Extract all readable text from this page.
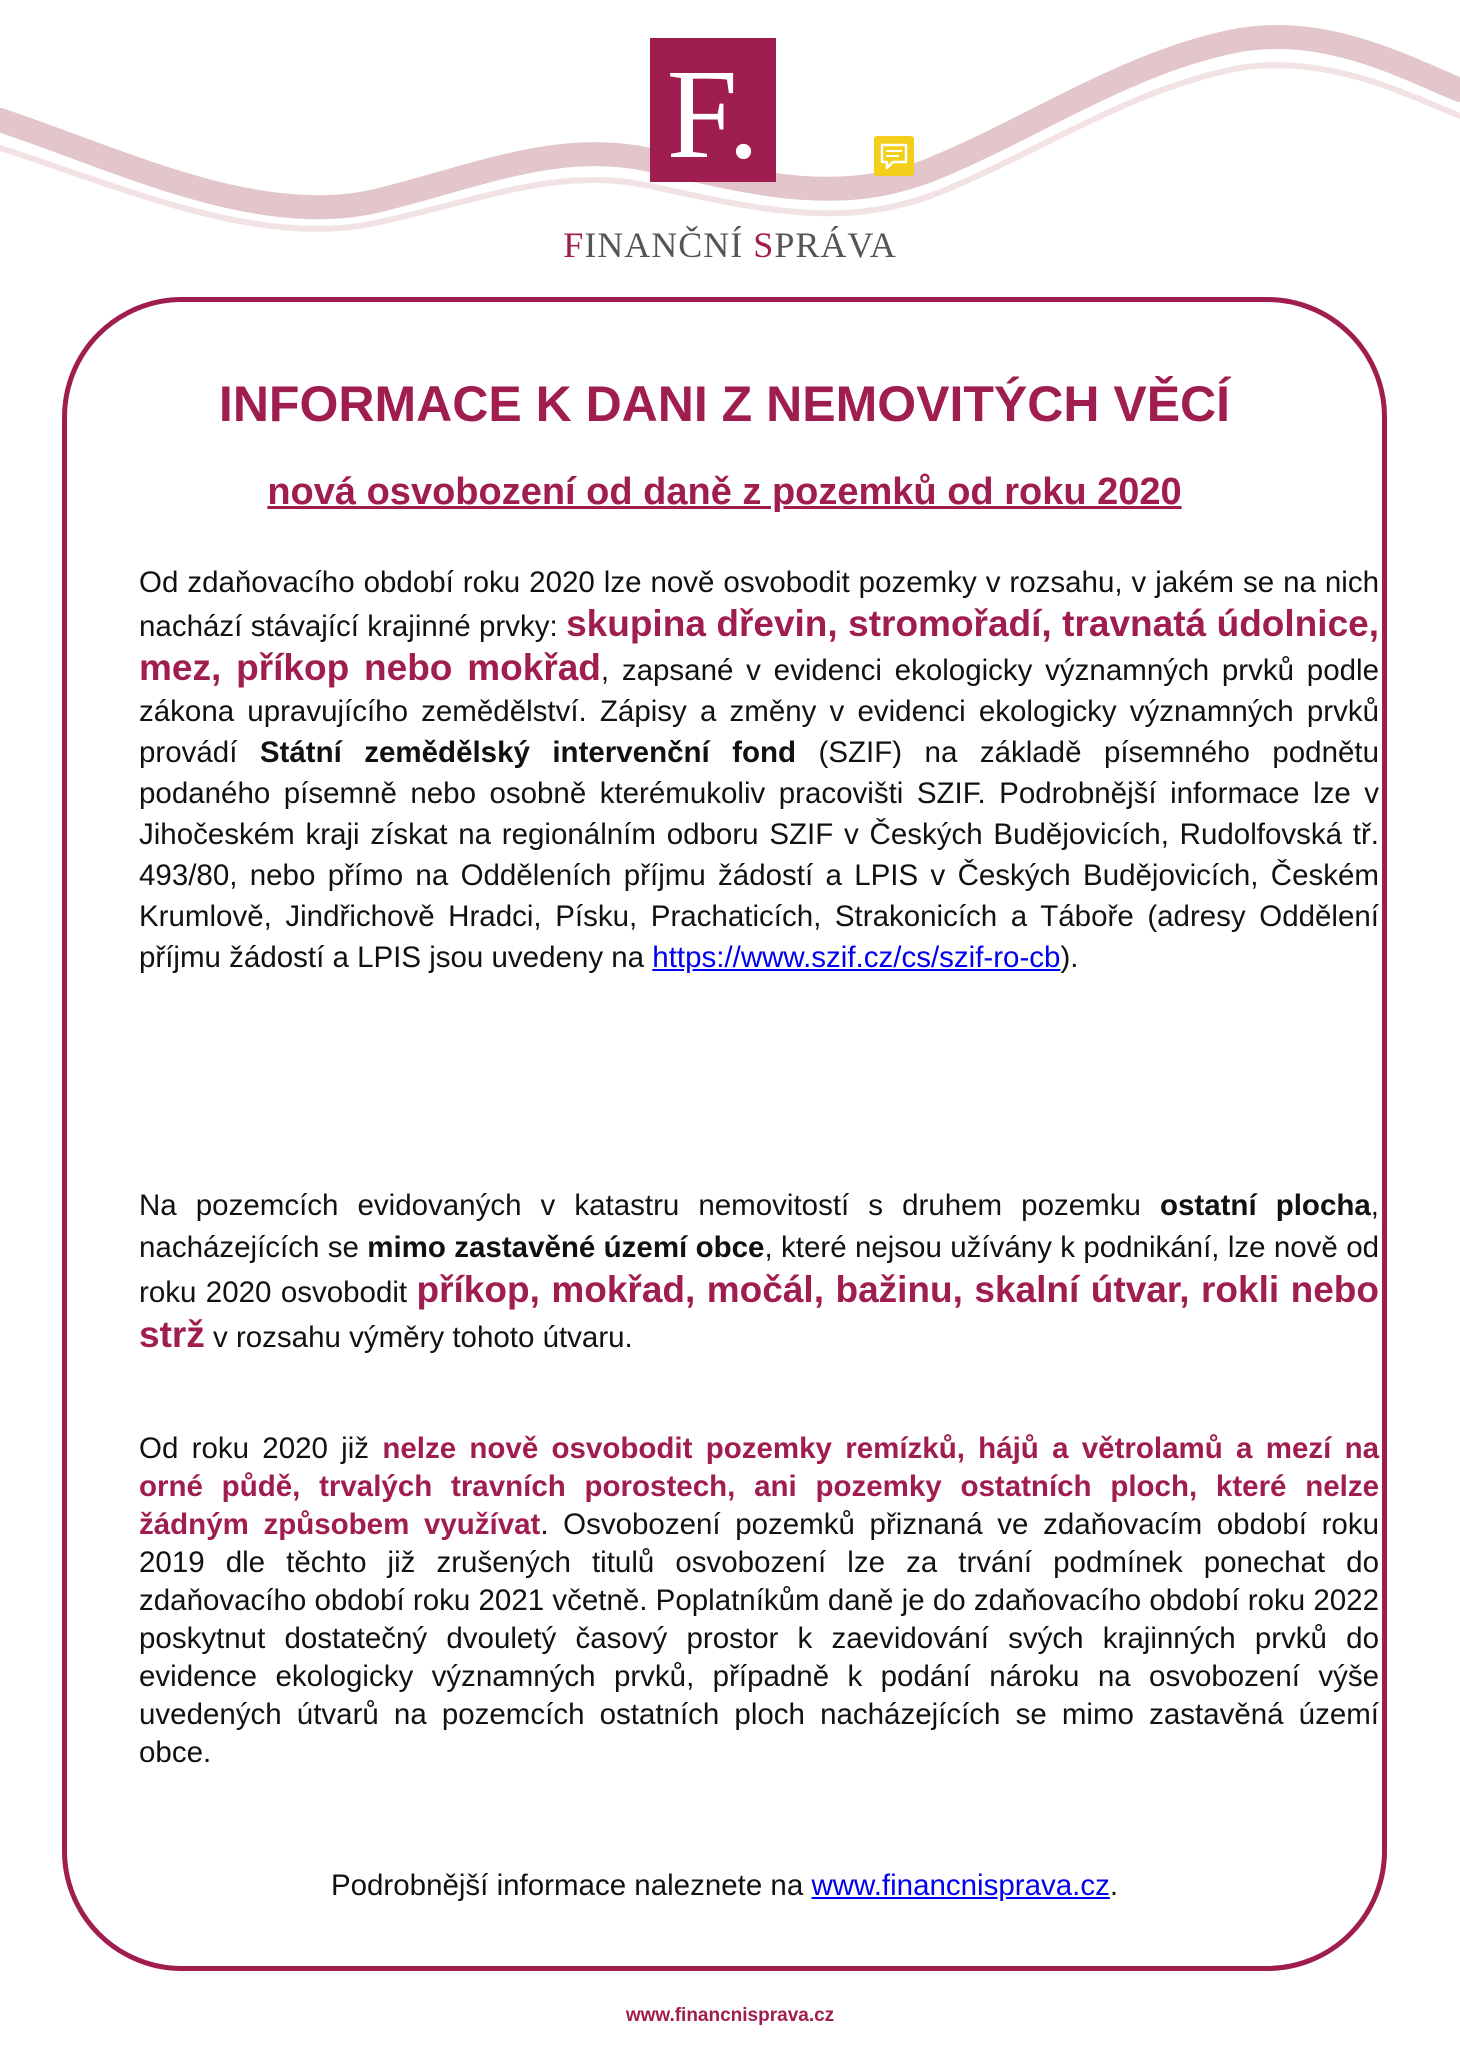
F.
FINANČNÍ SPRÁVA
INFORMACE K DANI Z NEMOVITÝCH VĚCÍ
nová osvobození od daně z pozemků od roku 2020

Od zdaňovacího období roku 2020 lze nově osvobodit pozemky v rozsahu, v jakém se na nich nachází stávající krajinné prvky: skupina dřevin, stromořadí, travnatá údolnice, mez, příkop nebo mokřad, zapsané v evidenci ekologicky významných prvků podle zákona upravujícího zemědělství. Zápisy a změny v evidenci ekologicky významných prvků provádí Státní zemědělský intervenční fond (SZIF) na základě písemného podnětu podaného písemně nebo osobně kterémukoliv pracovišti SZIF. Podrobnější informace lze v Jihočeském kraji získat na regionálním odboru SZIF v Českých Budějovicích, Rudolfovská tř. 493/80, nebo přímo na Odděleních příjmu žádostí a LPIS v Českých Budějovicích, Českém Krumlově, Jindřichově Hradci, Písku, Prachaticích, Strakonicích a Táboře (adresy Oddělení příjmu žádostí a LPIS jsou uvedeny na https://www.szif.cz/cs/szif-ro-cb).

Na pozemcích evidovaných v katastru nemovitostí s druhem pozemku ostatní plocha, nacházejících se mimo zastavěné území obce, které nejsou užívány k podnikání, lze nově od roku 2020 osvobodit příkop, mokřad, močál, bažinu, skalní útvar, rokli nebo strž v rozsahu výměry tohoto útvaru.

Od roku 2020 již nelze nově osvobodit pozemky remízků, hájů a větrolamů a mezí na orné půdě, trvalých travních porostech, ani pozemky ostatních ploch, které nelze žádným způsobem využívat. Osvobození pozemků přiznaná ve zdaňovacím období roku 2019 dle těchto již zrušených titulů osvobození lze za trvání podmínek ponechat do zdaňovacího období roku 2021 včetně. Poplatníkům daně je do zdaňovacího období roku 2022 poskytnut dostatečný dvouletý časový prostor k zaevidování svých krajinných prvků do evidence ekologicky významných prvků, případně k podání nároku na osvobození výše uvedených útvarů na pozemcích ostatních ploch nacházejících se mimo zastavěná území obce.

Podrobnější informace naleznete na www.financnisprava.cz.

www.financnisprava.cz
